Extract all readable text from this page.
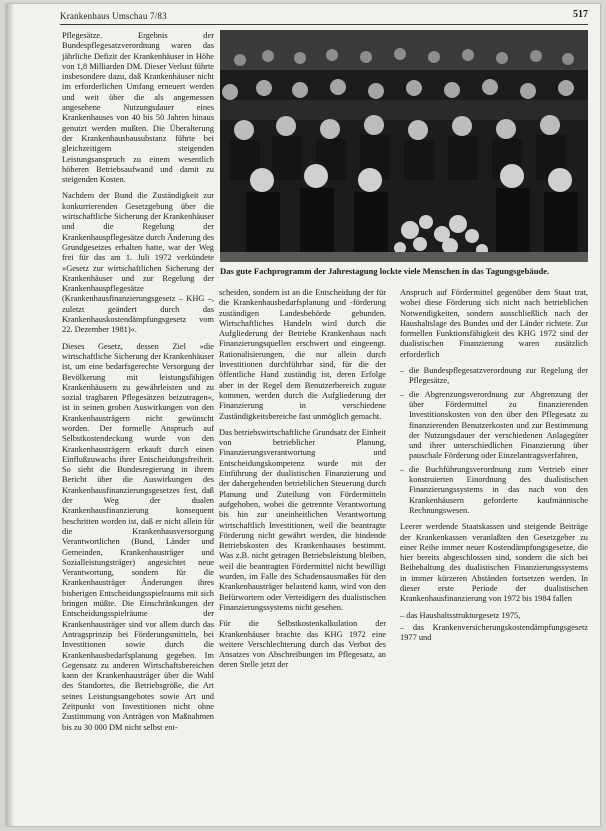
Krankenhaus Umschau 7/83	517

Pflegesätze. Ergebnis der Bundespflegesatzverordnung waren das jährliche Defizit der Krankenhäuser in Höhe von 1,8 Milliarden DM. Dieser Verlust führte insbesondere dazu, daß Krankenhäuser nicht im erforderlichen Umfang erneuert werden und weit über die als angemessen angesehene Nutzungsdauer eines Krankenhauses von 40 bis 50 Jahren hinaus genutzt werden mußten. Die Überalterung der Krankenhausbausubstanz führte bei gleichzeitigem steigenden Leistungsanspruch zu einem wesentlich höheren Betriebsaufwand und damit zu steigenden Kosten.

Nachdem der Bund die Zuständigkeit zur konkurrierenden Gesetzgebung über die wirtschaftliche Sicherung der Krankenhäuser und die Regelung der Krankenhauspflegesätze durch Änderung des Grundgesetzes erhalten hatte, war der Weg frei für das am 1. Juli 1972 verkündete »Gesetz zur wirtschaftlichen Sicherung der Krankenhäuser und zur Regelung der Krankenhauspflegesätze (Krankenhausfinanzierungsgesetz – KHG –, zuletzt geändert durch das Krankenhauskostendämpfungsgesetz vom 22. Dezember 1981)«.

Dieses Gesetz, dessen Ziel »die wirtschaftliche Sicherung der Krankenhäuser ist, um eine bedarfsgerechte Versorgung der Bevölkerung mit leistungsfähigen Krankenhäusern zu gewährleisten und zu sozial tragbaren Pflegesätzen beizutragen«, ist in seinen groben Auswirkungen von den Krankenhausträgern nicht gewünscht worden. Der formelle Anspruch auf Selbstkostendeckung wurde von den Krankenhausträgern erkauft durch einen Einflußzuwachs ihrer Entscheidungsfreiheit. So sieht die Bundesregierung in ihrem Bericht über die Auswirkungen des Krankenhausfinanzierungsgesetzes fest, daß der Weg der dualen Krankenhausfinanzierung konsequent beschritten worden ist, daß er nicht allein für die Krankenhausversorgung Verantwortlichen (Bund, Länder und Gemeinden, Krankenhausträger und Sozialleistungsträger) angesichtet neue Verantwortung, sondern für die Krankenhausträger Änderungen ihres bisherigen Entscheidungsspielraums mit sich bringen müßte. Die Einschränkungen der Entscheidungsspielräume der Krankenhausträger sind vor allem durch das Antragsprinzip bei Förderungsmitteln, bei Investitionen sowie durch die Krankenhausbedarfsplanung gegeben. Im Gegensatz zu anderen Wirtschaftsbereichen kann der Krankenhausträger über die Wahl des Standortes, die Betriebsgröße, die Art seines Leistungsangebotes sowie Art und Zeitpunkt von Investitionen nicht ohne Zustimmung von Anträgen von Maßnahmen bis zu 30 000 DM nicht selbst ent-

Das gute Fachprogramm der Jahrestagung lockte viele Menschen in das Tagungsgebäude.

scheiden, sondern ist an die Entscheidung der für die Krankenhausbedarfsplanung und -förderung zuständigen Landesbehörde gebunden. Wirtschaftliches Handeln wird durch die Aufgliederung der Betriebe Krankenhaus nach Finanzierungsquellen erschwert und eingeengt. Rationalisierungen, die nur allein durch Investitionen durchführbar sind, für die der öffentliche Hand zuständig ist, deren Erfolge aber in der Regel dem Benutzerbereich zugute kommen, werden durch die Aufgliederung der Finanzierung in verschiedene Zuständigkeitsbereiche fast unmöglich gemacht.

Das betriebswirtschaftliche Grundsatz der Einheit von betrieblicher Planung, Finanzierungsverantwortung und Entscheidungskompetenz wurde mit der Einführung der dualistischen Finanzierung und der dahergehenden betrieblichen Steuerung durch Planung und Zuteilung von Fördermitteln aufgehoben, wobei die getrennte Verantwortung bis hin zur uneinheitlichen Verantwortung wirtschaftlich Investitionen, weil die beantragte Förderung nicht gewährt werden, die bindende Betriebskosten des Krankenhauses bestimmt. Was z.B. nicht getragen Betriebsleistung bleiben, weil die beantragten Fördermittel nicht bewilligt wurden, im Falle des Schadensausmaßes für den Krankenhausträger belastend kann, wird von den Befürwortern oder Verteidigern des dualistischen Finanzierungssystems nicht gesehen.

Für die Selbstkostenkalkulation der Krankenhäuser brachte das KHG 1972 eine weitere Verschlechterung durch das Verbot des Ansatzes von Abschreibungen im Pflegesatz, an deren Stelle jetzt der

Anspruch auf Fördermittel gegenüber dem Staat trat, wobei diese Förderung sich nicht nach betrieblichen Notwendigkeiten, sondern ausschließlich nach der Haushaltslage des Bundes und der Länder richtete. Zur formellen Funktionsfähigkeit des KHG 1972 sind der dualistischen Finanzierung waren zusätzlich erforderlich

– die Bundespflegesatzverordnung zur Regelung der Pflegesätze,
– die Abgrenzungsverordnung zur Abgrenzung der über Fördermittel zu finanzierenden Investitionskosten von den über den Pflegesatz zu finanzierenden Benutzerkosten und zur Bestimmung der Nutzungsdauer der verschiedenen Anlagegüter und ihrer unterschiedlichen Finanzierung über pauschale Förderung oder Einzelantragsverfahren,
– die Buchführungsverordnung zum Vertrieb einer konstruierten Einordnung des dualistischen Finanzierungssystems in das nach von den Krankenhäusern geforderte kaufmännische Rechnungswesen.

Leerer werdende Staatskassen und steigende Beiträge der Krankenkassen veranlaßten den Gesetzgeber zu einer Reihe immer neuer Kostendämpfungsgesetze, die hier bereits abgeschlossen sind, sondern die sich bei Beibehaltung des dualistischen Finanzierungssystems in immer kürzeren Abständen fortsetzen werden. In dieser erste Periode der dualistischen Krankenhausfinanzierung von 1972 bis 1984 fallen

– das Haushaltsstrukturgesetz 1975,

– das Krankenversicherungskostendämpfungsgesetz 1977 und
